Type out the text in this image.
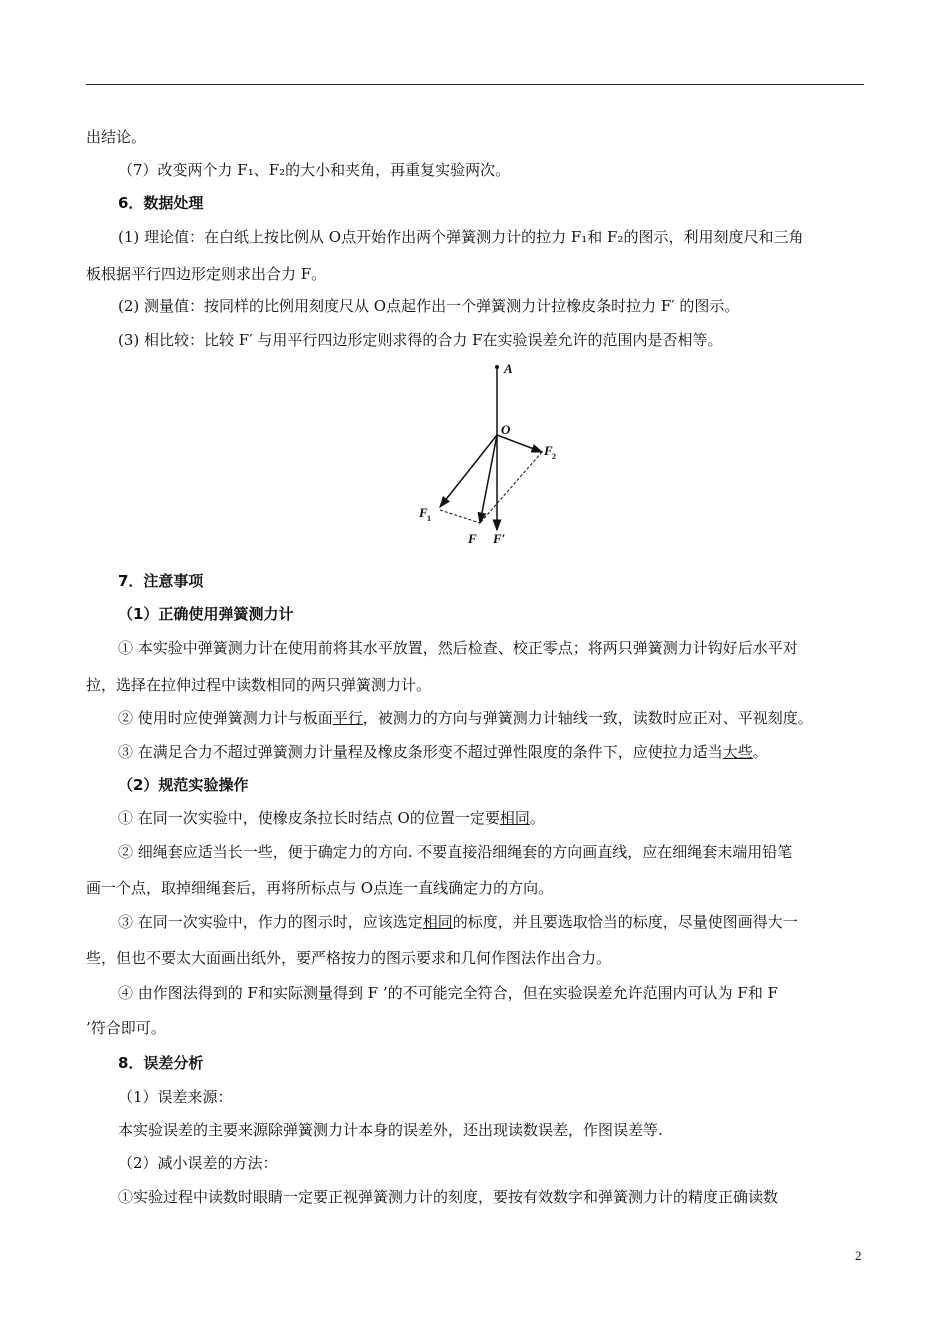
出结论。
（7）改变两个力 F₁、F₂的大小和夹角，再重复实验两次。
6．数据处理
(1) 理论值：在白纸上按比例从 O点开始作出两个弹簧测力计的拉力 F₁和 F₂的图示，利用刻度尺和三角
板根据平行四边形定则求出合力 F。
(2) 测量值：按同样的比例用刻度尺从 O点起作出一个弹簧测力计拉橡皮条时拉力 F′ 的图示。
(3) 相比较：比较 F′ 与用平行四边形定则求得的合力 F在实验误差允许的范围内是否相等。
A
O
F 2
F 1
F F′
7．注意事项
（1）正确使用弹簧测力计
① 本实验中弹簧测力计在使用前将其水平放置，然后检查、校正零点；将两只弹簧测力计钩好后水平对
拉，选择在拉伸过程中读数相同的两只弹簧测力计。
② 使用时应使弹簧测力计与板面平行，被测力的方向与弹簧测力计轴线一致，读数时应正对、平视刻度。
③ 在满足合力不超过弹簧测力计量程及橡皮条形变不超过弹性限度的条件下，应使拉力适当大些。
（2）规范实验操作
① 在同一次实验中，使橡皮条拉长时结点 O的位置一定要相同。
② 细绳套应适当长一些，便于确定力的方向. 不要直接沿细绳套的方向画直线，应在细绳套末端用铅笔
画一个点，取掉细绳套后，再将所标点与 O点连一直线确定力的方向。
③ 在同一次实验中，作力的图示时，应该选定相同的标度，并且要选取恰当的标度，尽量使图画得大一
些，但也不要太大面画出纸外，要严格按力的图示要求和几何作图法作出合力。
④ 由作图法得到的 F和实际测量得到 F ’的不可能完全符合，但在实验误差允许范围内可认为 F和 F
’符合即可。
8．误差分析
（1）误差来源：
本实验误差的主要来源除弹簧测力计本身的误差外，还出现读数误差，作图误差等.
（2）减小误差的方法：
①实验过程中读数时眼睛一定要正视弹簧测力计的刻度，要按有效数字和弹簧测力计的精度正确读数
2
